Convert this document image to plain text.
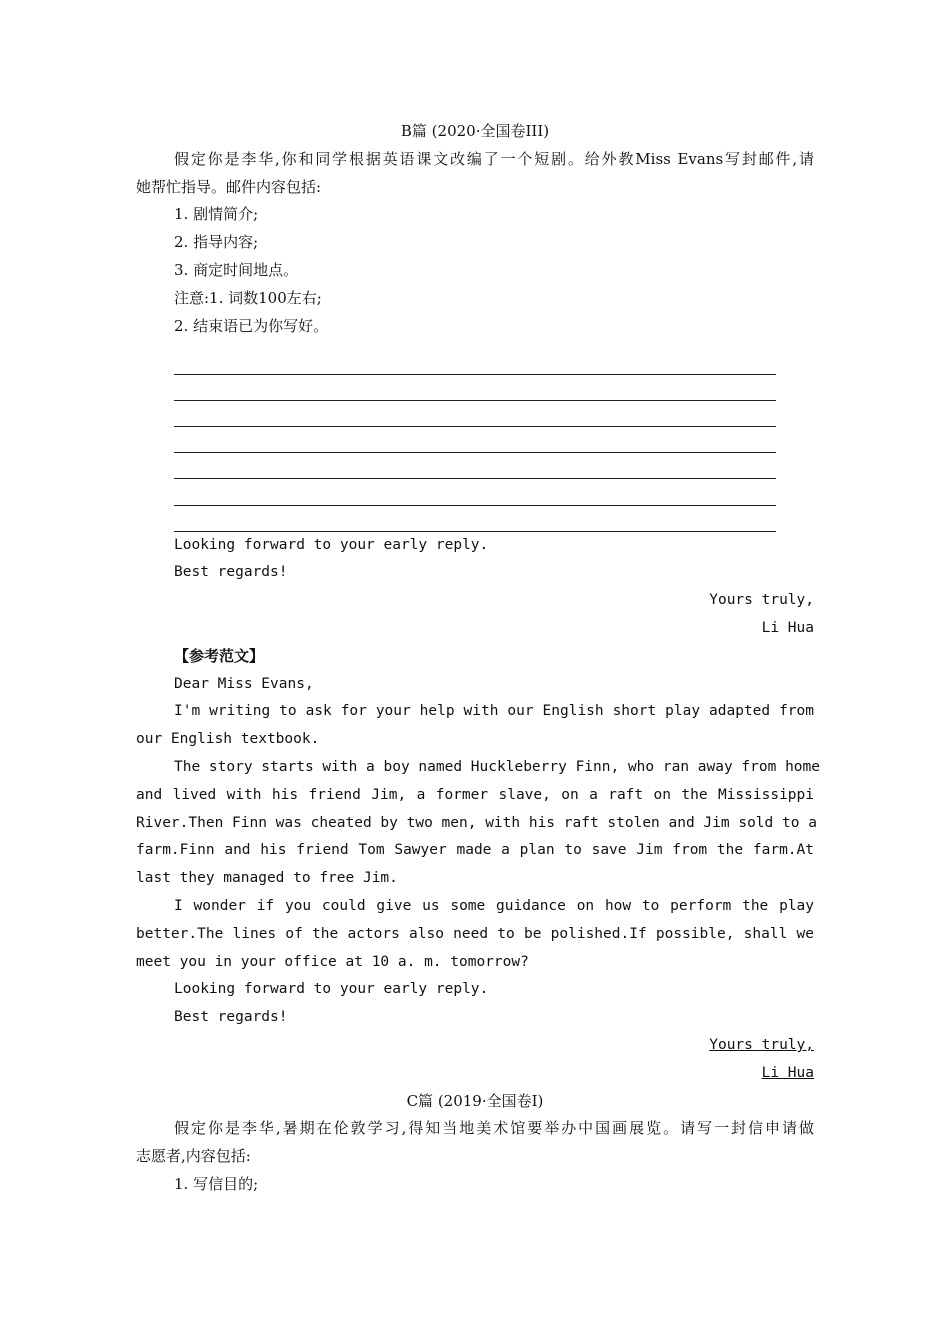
B篇 (2020·全国卷III)
假定你是李华,你和同学根据英语课文改编了一个短剧。给外教Miss Evans写封邮件,请
她帮忙指导。邮件内容包括:
1. 剧情简介;
2. 指导内容;
3. 商定时间地点。
注意:1. 词数100左右;
2. 结束语已为你写好。
Looking forward to your early reply.
Best regards!
Yours truly,
Li Hua
【参考范文】
Dear Miss Evans,
I'm writing to ask for your help with our English short play adapted from
our English textbook.
The story starts with a boy named Huckleberry Finn, who ran away from home
and lived with his friend Jim, a former slave, on a raft on the Mississippi
River.Then Finn was cheated by two men, with his raft stolen and Jim sold to a
farm.Finn and his friend Tom Sawyer made a plan to save Jim from the farm.At
last they managed to free Jim.
I wonder if you could give us some guidance on how to perform the play
better.The lines of the actors also need to be polished.If possible, shall we
meet you in your office at 10 a. m. tomorrow?
Looking forward to your early reply.
Best regards!
Yours truly,
Li Hua
C篇 (2019·全国卷Ⅰ)
假定你是李华,暑期在伦敦学习,得知当地美术馆要举办中国画展览。请写一封信申请做
志愿者,内容包括:
1. 写信目的;
